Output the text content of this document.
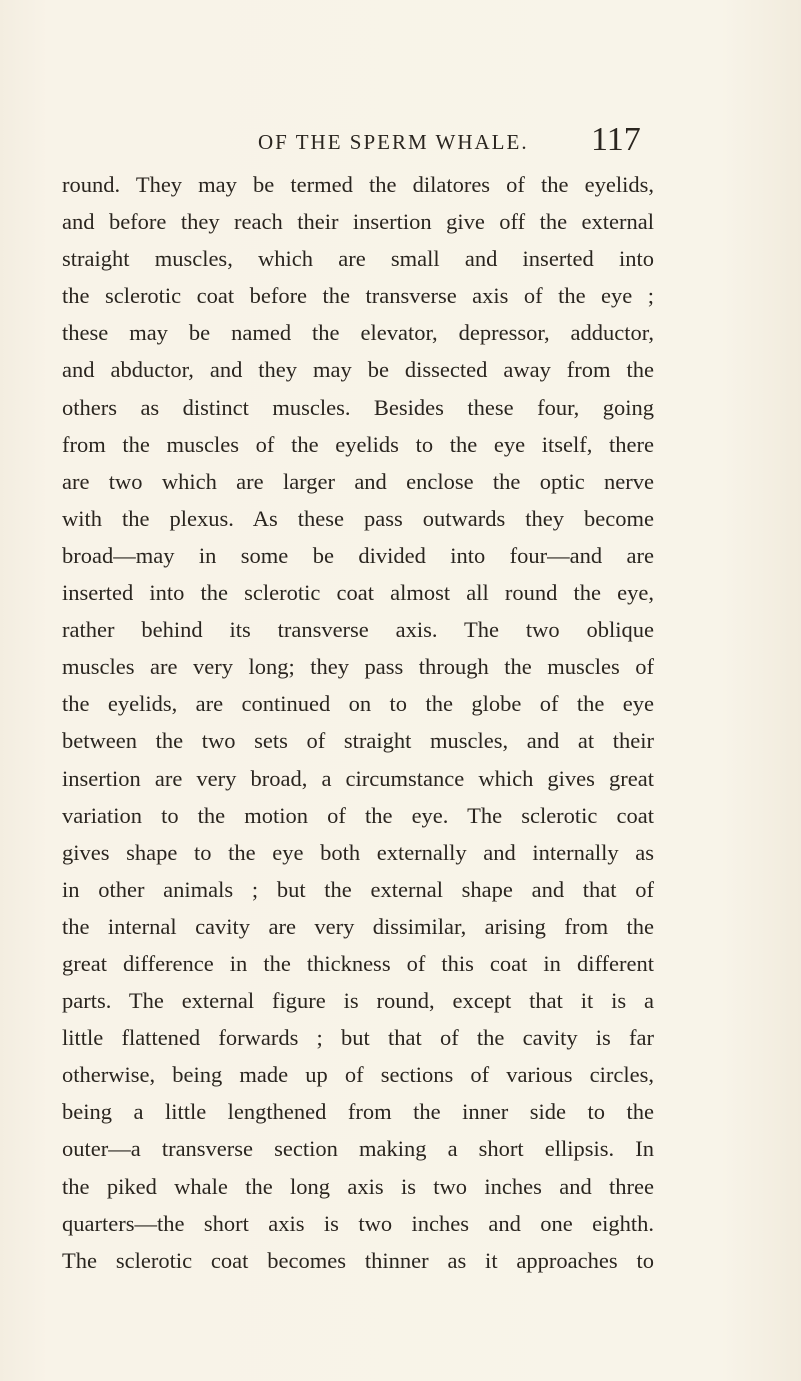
OF THE SPERM WHALE. 117
round. They may be termed the dilatores of the eyelids,
and before they reach their insertion give off the external
straight muscles, which are small and inserted into
the sclerotic coat before the transverse axis of the eye ;
these may be named the elevator, depressor, adductor,
and abductor, and they may be dissected away from the
others as distinct muscles. Besides these four, going
from the muscles of the eyelids to the eye itself, there
are two which are larger and enclose the optic nerve
with the plexus. As these pass outwards they become
broad—may in some be divided into four—and are
inserted into the sclerotic coat almost all round the eye,
rather behind its transverse axis. The two oblique
muscles are very long; they pass through the muscles of
the eyelids, are continued on to the globe of the eye
between the two sets of straight muscles, and at their
insertion are very broad, a circumstance which gives great
variation to the motion of the eye. The sclerotic coat
gives shape to the eye both externally and internally as
in other animals ; but the external shape and that of
the internal cavity are very dissimilar, arising from the
great difference in the thickness of this coat in different
parts. The external figure is round, except that it is a
little flattened forwards ; but that of the cavity is far
otherwise, being made up of sections of various circles,
being a little lengthened from the inner side to the
outer—a transverse section making a short ellipsis. In
the piked whale the long axis is two inches and three
quarters—the short axis is two inches and one eighth.
The sclerotic coat becomes thinner as it approaches to
